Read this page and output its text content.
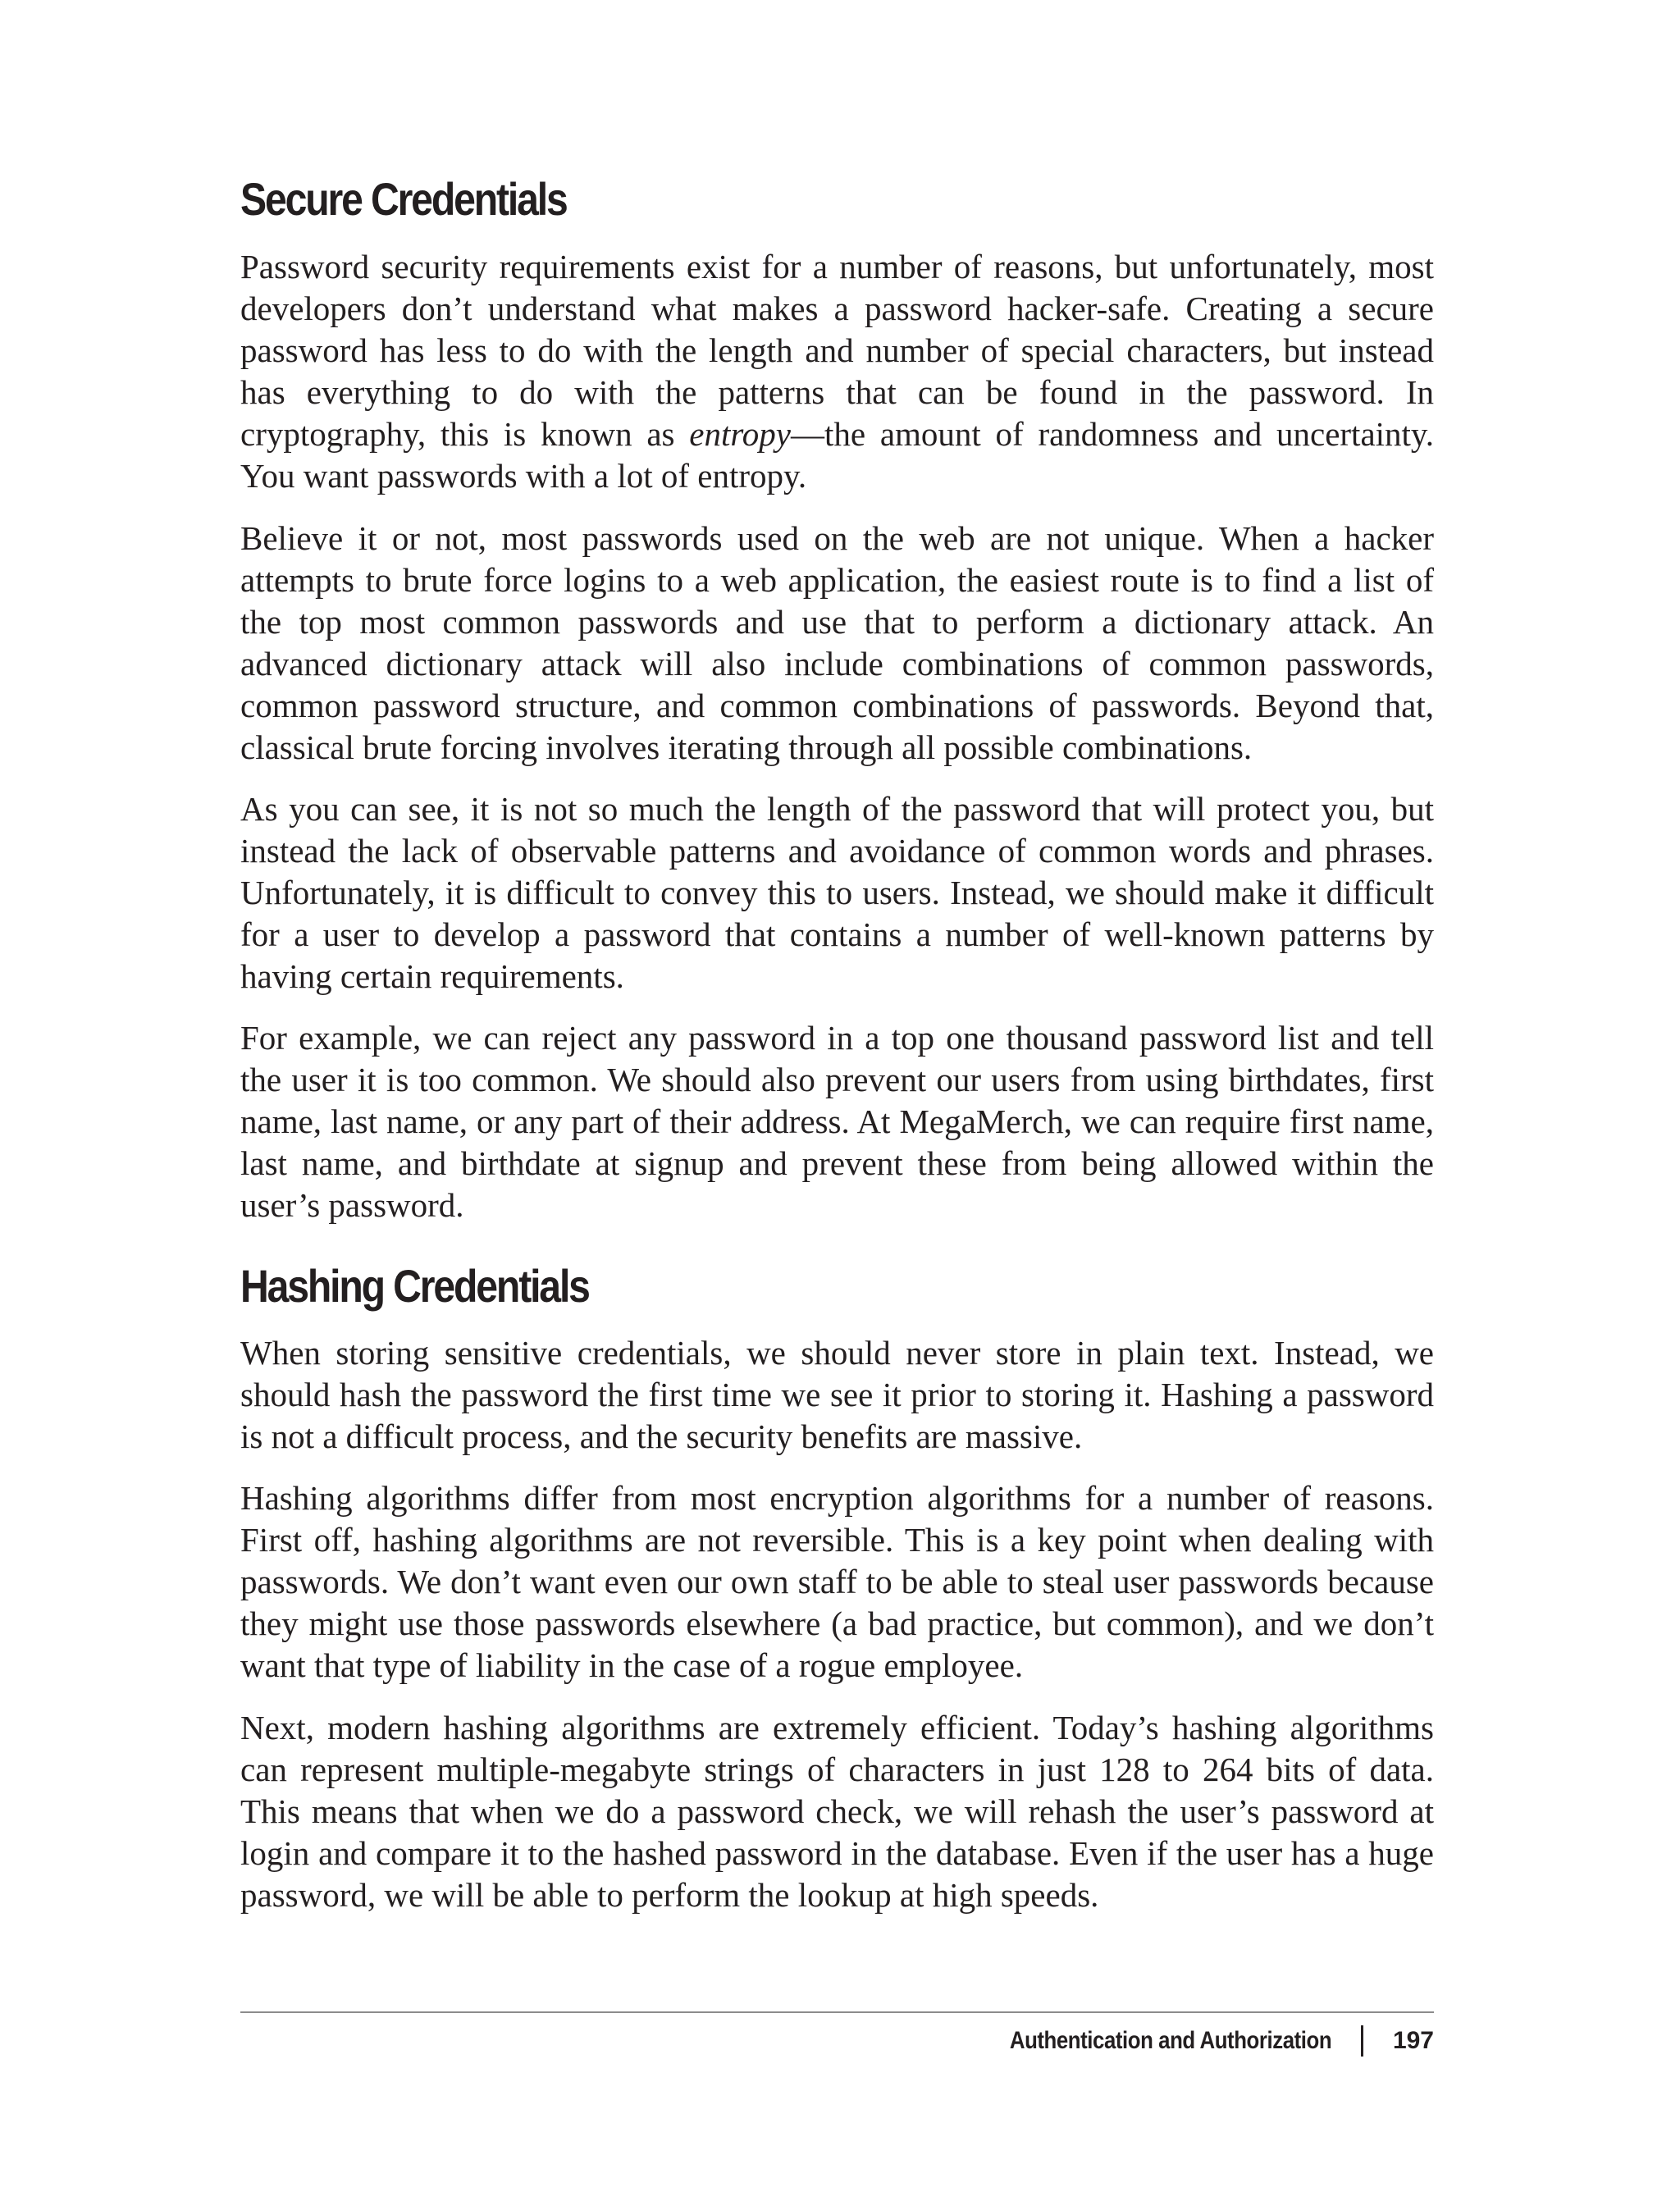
Secure Credentials

Password security requirements exist for a number of reasons, but unfortunately, most developers don’t understand what makes a password hacker-safe. Creating a secure password has less to do with the length and number of special characters, but instead has everything to do with the patterns that can be found in the password. In cryptography, this is known as entropy—the amount of randomness and uncertainty. You want passwords with a lot of entropy.

Believe it or not, most passwords used on the web are not unique. When a hacker attempts to brute force logins to a web application, the easiest route is to find a list of the top most common passwords and use that to perform a dictionary attack. An advanced dictionary attack will also include combinations of common passwords, common password structure, and common combinations of passwords. Beyond that, classical brute forcing involves iterating through all possible combinations.

As you can see, it is not so much the length of the password that will protect you, but instead the lack of observable patterns and avoidance of common words and phrases. Unfortunately, it is difficult to convey this to users. Instead, we should make it difficult for a user to develop a password that contains a number of well-known patterns by having certain requirements.

For example, we can reject any password in a top one thousand password list and tell the user it is too common. We should also prevent our users from using birthdates, first name, last name, or any part of their address. At MegaMerch, we can require first name, last name, and birthdate at signup and prevent these from being allowed within the user’s password.

Hashing Credentials

When storing sensitive credentials, we should never store in plain text. Instead, we should hash the password the first time we see it prior to storing it. Hashing a password is not a difficult process, and the security benefits are massive.

Hashing algorithms differ from most encryption algorithms for a number of reasons. First off, hashing algorithms are not reversible. This is a key point when dealing with passwords. We don’t want even our own staff to be able to steal user passwords because they might use those passwords elsewhere (a bad practice, but common), and we don’t want that type of liability in the case of a rogue employee.

Next, modern hashing algorithms are extremely efficient. Today’s hashing algorithms can represent multiple-megabyte strings of characters in just 128 to 264 bits of data. This means that when we do a password check, we will rehash the user’s password at login and compare it to the hashed password in the database. Even if the user has a huge password, we will be able to perform the lookup at high speeds.

Authentication and Authorization	197
